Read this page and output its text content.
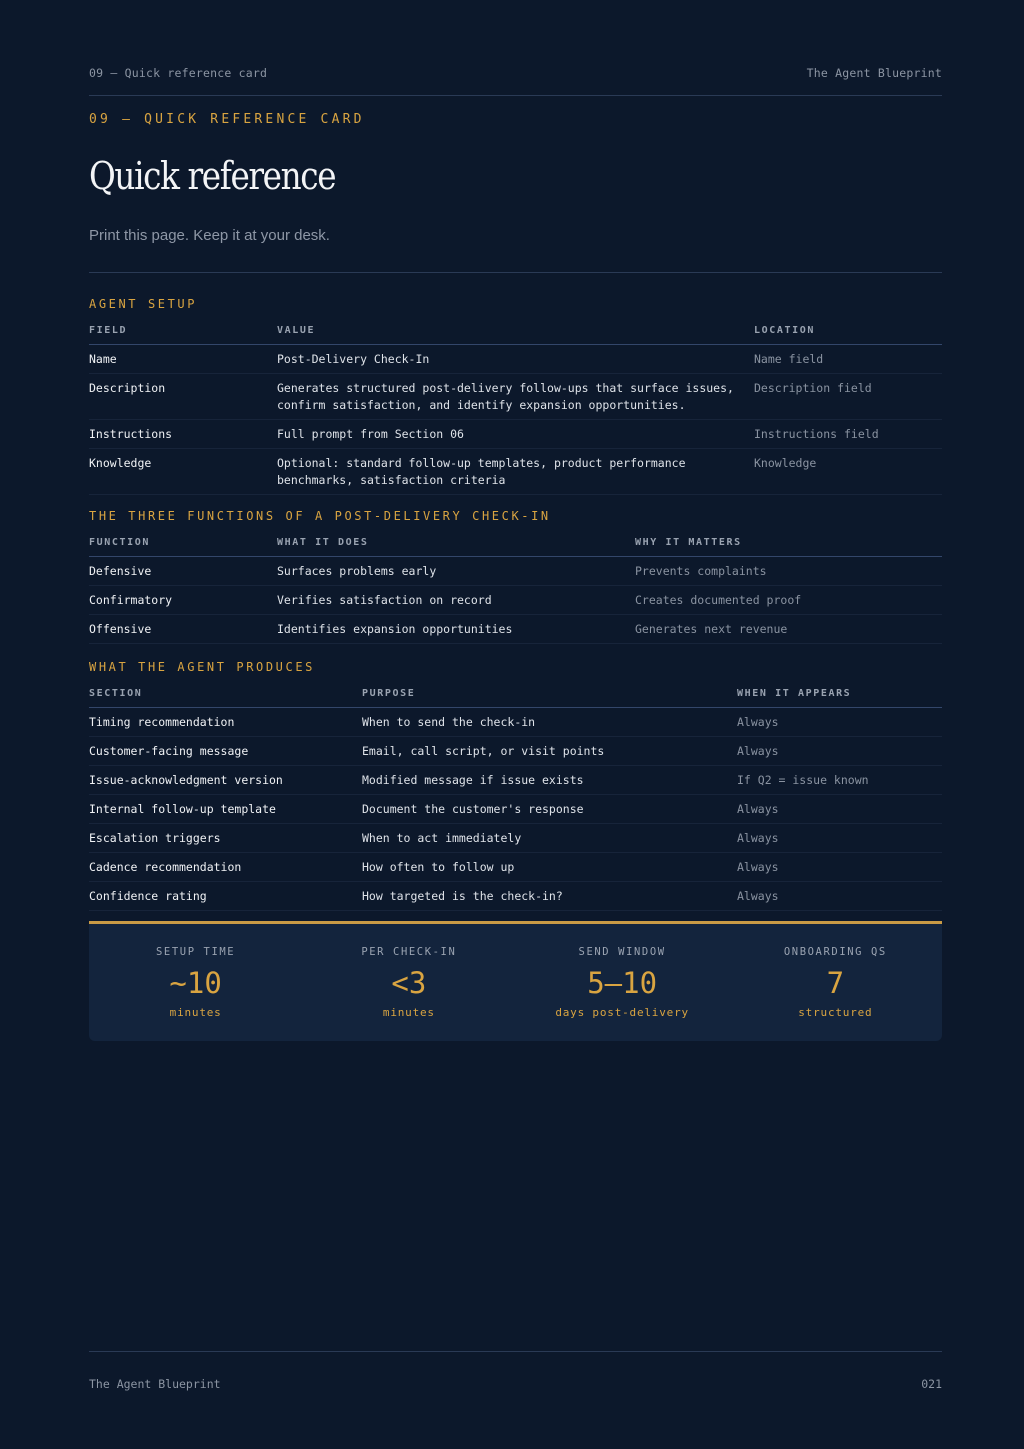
09 — Quick reference card	The Agent Blueprint
09 — QUICK REFERENCE CARD
Quick reference

Print this page. Keep it at your desk.

AGENT SETUP
FIELD	VALUE	LOCATION
Name	Post-Delivery Check-In	Name field
Description	Generates structured post-delivery follow-ups that surface issues, confirm satisfaction, and identify expansion opportunities.	Description field
Instructions	Full prompt from Section 06	Instructions field
Knowledge	Optional: standard follow-up templates, product performance benchmarks, satisfaction criteria	Knowledge
THE THREE FUNCTIONS OF A POST-DELIVERY CHECK-IN
FUNCTION	WHAT IT DOES	WHY IT MATTERS
Defensive	Surfaces problems early	Prevents complaints
Confirmatory	Verifies satisfaction on record	Creates documented proof
Offensive	Identifies expansion opportunities	Generates next revenue
WHAT THE AGENT PRODUCES
SECTION	PURPOSE	WHEN IT APPEARS
Timing recommendation	When to send the check-in	Always
Customer-facing message	Email, call script, or visit points	Always
Issue-acknowledgment version	Modified message if issue exists	If Q2 = issue known
Internal follow-up template	Document the customer's response	Always
Escalation triggers	When to act immediately	Always
Cadence recommendation	How often to follow up	Always
Confidence rating	How targeted is the check-in?	Always
SETUP TIME
~10
minutes
PER CHECK-IN
<3
minutes
SEND WINDOW
5–10
days post-delivery
ONBOARDING QS
7
structured
The Agent Blueprint	021
